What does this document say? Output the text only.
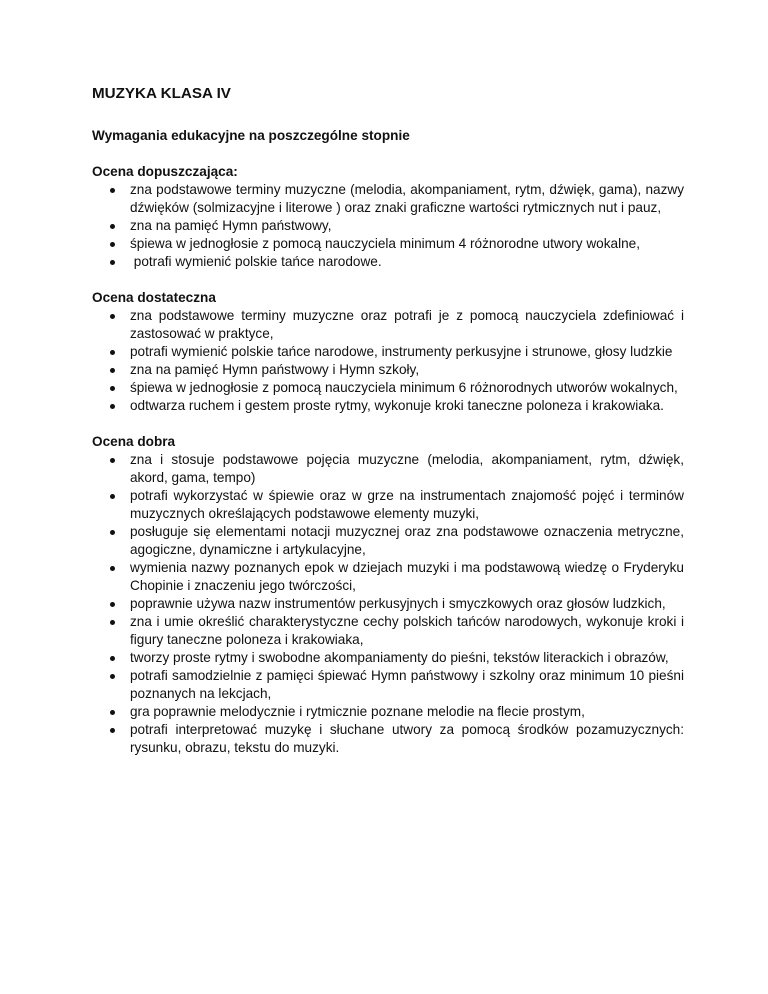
MUZYKA KLASA IV
Wymagania edukacyjne na poszczególne stopnie
Ocena dopuszczająca:
zna podstawowe terminy muzyczne (melodia, akompaniament, rytm, dźwięk, gama), nazwy dźwięków (solmizacyjne i literowe ) oraz znaki graficzne wartości rytmicznych nut i pauz,
zna na pamięć Hymn państwowy,
śpiewa w jednogłosie z pomocą nauczyciela minimum 4 różnorodne utwory wokalne,
potrafi wymienić polskie tańce narodowe.
Ocena dostateczna
zna podstawowe terminy muzyczne oraz potrafi je z pomocą nauczyciela zdefiniować i zastosować w praktyce,
potrafi wymienić polskie tańce narodowe, instrumenty perkusyjne i strunowe, głosy ludzkie
zna na pamięć Hymn państwowy i Hymn szkoły,
śpiewa w jednogłosie z pomocą nauczyciela minimum 6 różnorodnych utworów wokalnych,
odtwarza ruchem i gestem proste rytmy, wykonuje kroki taneczne poloneza i krakowiaka.
Ocena dobra
zna i stosuje podstawowe pojęcia muzyczne (melodia, akompaniament, rytm, dźwięk, akord, gama, tempo)
potrafi wykorzystać w śpiewie oraz w grze na instrumentach znajomość pojęć i terminów muzycznych określających podstawowe elementy muzyki,
posługuje się elementami notacji muzycznej oraz zna podstawowe oznaczenia metryczne, agogiczne, dynamiczne i artykulacyjne,
wymienia nazwy poznanych epok w dziejach muzyki i ma podstawową wiedzę o Fryderyku Chopinie i znaczeniu jego twórczości,
poprawnie używa nazw instrumentów perkusyjnych i smyczkowych oraz głosów ludzkich,
zna i umie określić charakterystyczne cechy polskich tańców narodowych, wykonuje kroki i figury taneczne poloneza i krakowiaka,
tworzy proste rytmy i swobodne akompaniamenty do pieśni, tekstów literackich i obrazów,
potrafi samodzielnie z pamięci śpiewać Hymn państwowy i szkolny oraz minimum 10 pieśni poznanych na lekcjach,
gra poprawnie melodycznie i rytmicznie poznane melodie na flecie prostym,
potrafi interpretować muzykę i słuchane utwory za pomocą środków pozamuzycznych: rysunku, obrazu, tekstu do muzyki.
